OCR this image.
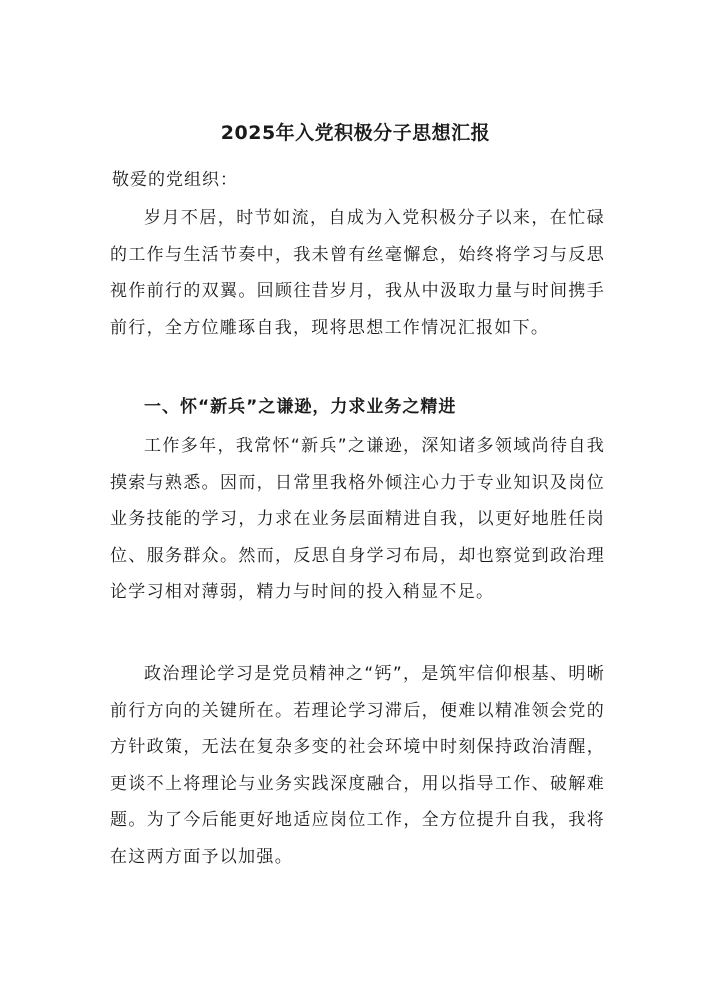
2025年入党积极分子思想汇报
敬爱的党组织：

岁月不居，时节如流，自成为入党积极分子以来，在忙碌的工作与生活节奏中，我未曾有丝毫懈怠，始终将学习与反思视作前行的双翼。回顾往昔岁月，我从中汲取力量与时间携手前行，全方位雕琢自我，现将思想工作情况汇报如下。

一、怀“新兵”之谦逊，力求业务之精进

工作多年，我常怀“新兵”之谦逊，深知诸多领域尚待自我摸索与熟悉。因而，日常里我格外倾注心力于专业知识及岗位业务技能的学习，力求在业务层面精进自我，以更好地胜任岗位、服务群众。然而，反思自身学习布局，却也察觉到政治理论学习相对薄弱，精力与时间的投入稍显不足。

政治理论学习是党员精神之“钙”，是筑牢信仰根基、明晰前行方向的关键所在。若理论学习滞后，便难以精准领会党的方针政策，无法在复杂多变的社会环境中时刻保持政治清醒，更谈不上将理论与业务实践深度融合，用以指导工作、破解难题。为了今后能更好地适应岗位工作，全方位提升自我，我将在这两方面予以加强。
